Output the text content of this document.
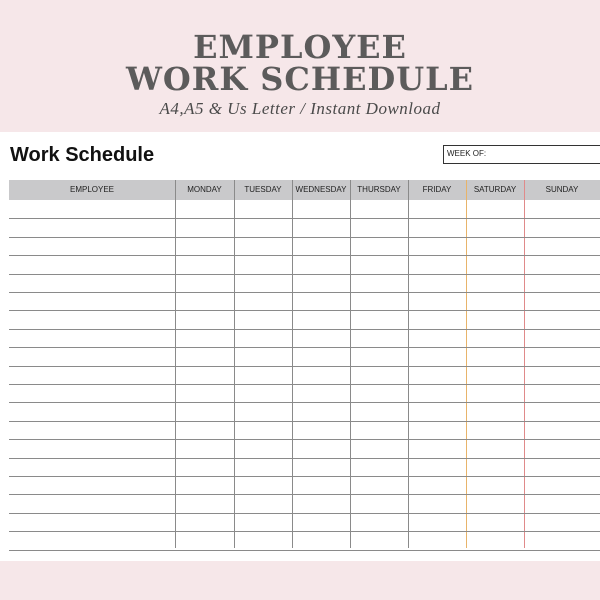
EMPLOYEE
WORK SCHEDULE
A4,A5 & Us Letter / Instant Download
Work Schedule	WEEK OF:
EMPLOYEE	MONDAY	TUESDAY	WEDNESDAY	THURSDAY	FRIDAY	SATURDAY	SUNDAY
